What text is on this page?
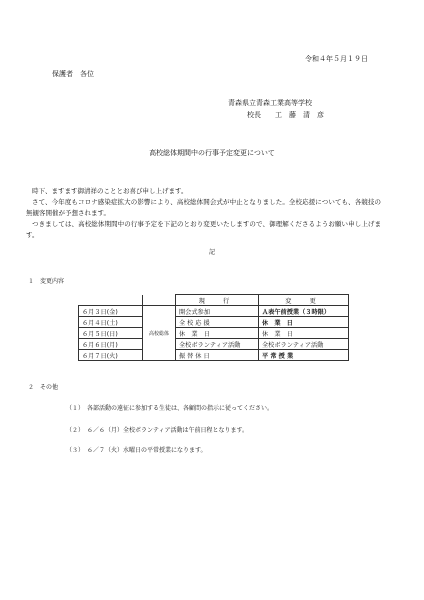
令和４年５月１９日
保護者　各位
青森県立青森工業高等学校
校長　　工　藤　清　彦
高校総体期間中の行事予定変更について

時下、ますます御清祥のこととお喜び申し上げます。

さて、今年度もコロナ感染症拡大の影響により、高校総体開会式が中止となりました。全校応援についても、各競技の無観客開催が予想されます。

つきましては、高校総体期間中の行事予定を下記のとおり変更いたしますので、御理解くださるようお願い申し上げます。

記
１　変更内容
		現　行	変　更
６月３日(金)	高校総体	開会式参加	Ａ表午前授業（３時限）
６月４日(土)		全 校 応 援	休　業　日
６月５日(日)		休　業　日	休　業　日
６月６日(月)		全校ボランティア活動	全校ボランティア活動
６月７日(火)		振 替 休 日	平 常 授 業
２　その他
（１）　各部活動の遠征に参加する生徒は、各顧問の指示に従ってください。
（２）　６／６（月）全校ボランティア活動は午前日程となります。
（３）　６／７（火）水曜日の平常授業になります。
